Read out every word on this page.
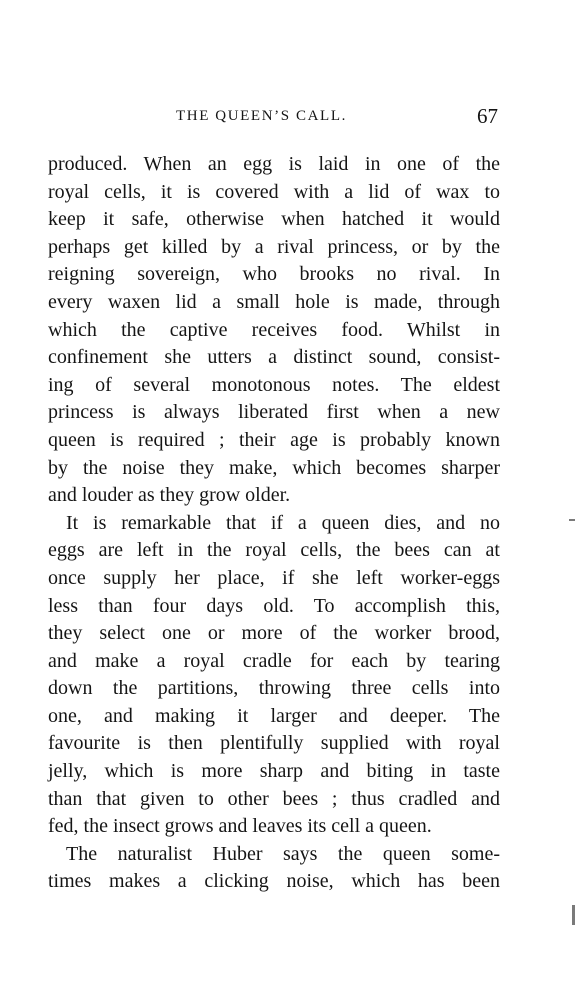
THE QUEEN’S CALL.	67
produced. When an egg is laid in one of the
royal cells, it is covered with a lid of wax to
keep it safe, otherwise when hatched it would
perhaps get killed by a rival princess, or by the
reigning sovereign, who brooks no rival. In
every waxen lid a small hole is made, through
which the captive receives food. Whilst in
confinement she utters a distinct sound, consist-
ing of several monotonous notes. The eldest
princess is always liberated first when a new
queen is required ; their age is probably known
by the noise they make, which becomes sharper
and louder as they grow older.
It is remarkable that if a queen dies, and no
eggs are left in the royal cells, the bees can at
once supply her place, if she left worker-eggs
less than four days old. To accomplish this,
they select one or more of the worker brood,
and make a royal cradle for each by tearing
down the partitions, throwing three cells into
one, and making it larger and deeper. The
favourite is then plentifully supplied with royal
jelly, which is more sharp and biting in taste
than that given to other bees ; thus cradled and
fed, the insect grows and leaves its cell a queen.
The naturalist Huber says the queen some-
times makes a clicking noise, which has been
